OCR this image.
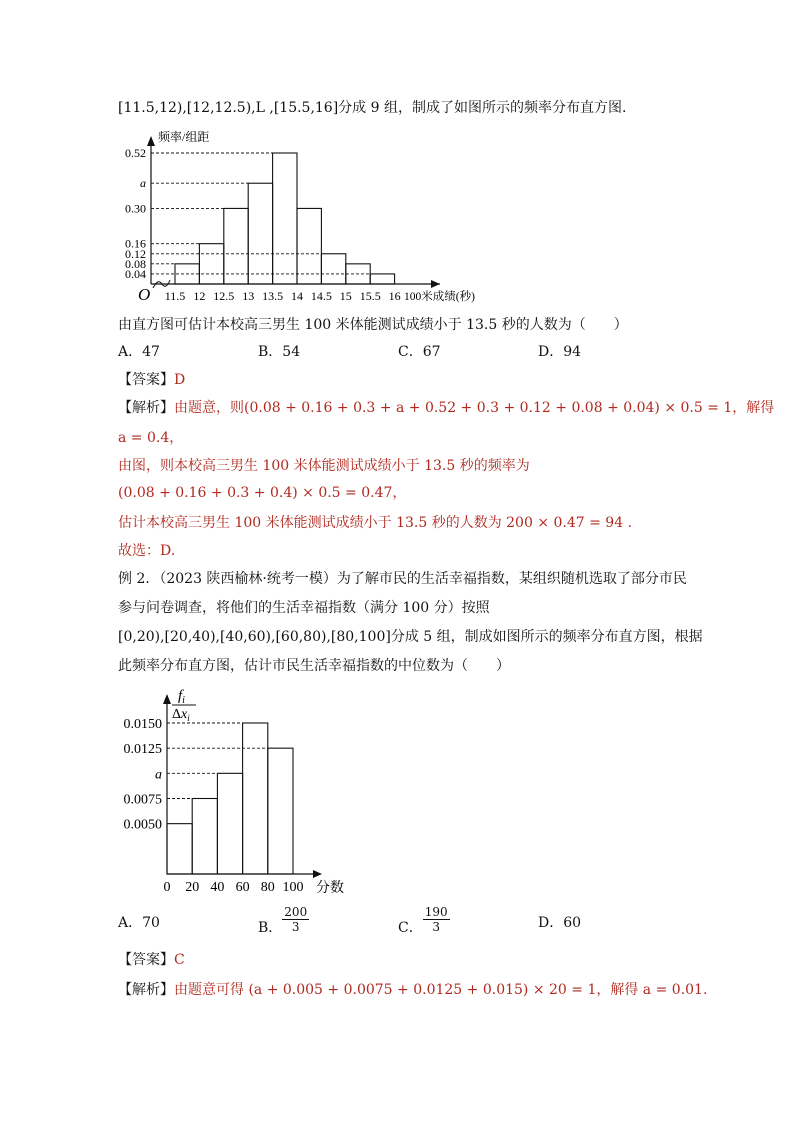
[11.5,12),[12,12.5),L ,[15.5,16]分成 9 组，制成了如图所示的频率分布直方图.
O
频率/组距
100米成绩(秒)
0.04
0.08
0.12
0.16
0.30
a
0.52
11.5 12 12.5 13 13.5 14 14.5 15 15.5 16
由直方图可估计本校高三男生 100 米体能测试成绩小于 13.5 秒的人数为（　　）
A．47	B．54	C．67	D．94
【答案】D
【解析】由题意，则(0.08 + 0.16 + 0.3 + a + 0.52 + 0.3 + 0.12 + 0.08 + 0.04) × 0.5 = 1，解得
a = 0.4，
由图，则本校高三男生 100 米体能测试成绩小于 13.5 秒的频率为
(0.08 + 0.16 + 0.3 + 0.4) × 0.5 = 0.47，
估计本校高三男生 100 米体能测试成绩小于 13.5 秒的人数为 200 × 0.47 = 94 .
故选：D.
例 2．（2023 陕西榆林·统考一模）为了解市民的生活幸福指数，某组织随机选取了部分市民
参与问卷调查，将他们的生活幸福指数（满分 100 分）按照
[0,20),[20,40),[40,60),[60,80),[80,100]分成 5 组，制成如图所示的频率分布直方图，根据
此频率分布直方图，估计市民生活幸福指数的中位数为（　　）
$f_i$
$\Delta x_i$
分数
0.0050
0.0075
a
0.0125
0.0150
0 20 40 60 80 100
A．70	B． $\frac{200}{3}$	C． $\frac{190}{3}$	D．60
【答案】C
【解析】由题意可得 (a + 0.005 + 0.0075 + 0.0125 + 0.015) × 20 = 1，解得 a = 0.01.
